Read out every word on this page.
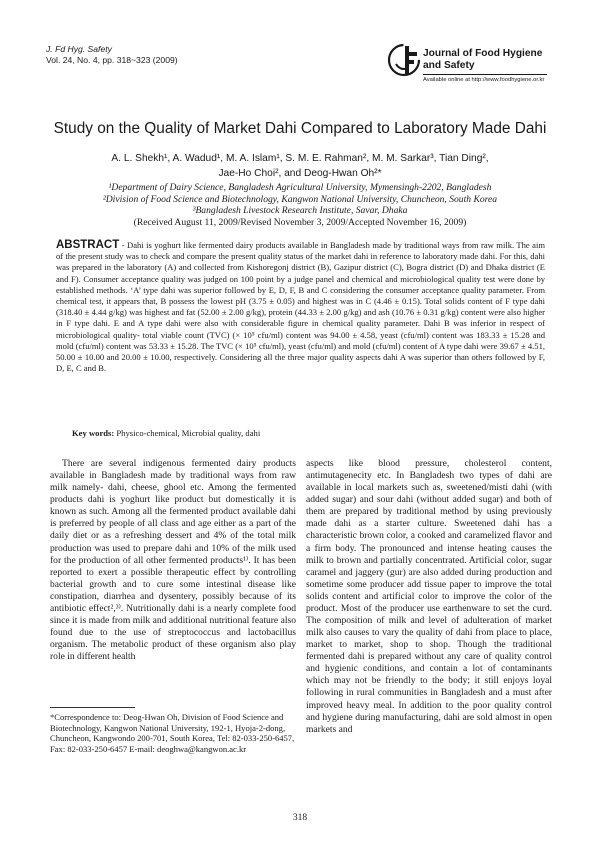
J. Fd Hyg. Safety
Vol. 24, No. 4, pp. 318~323 (2009)
Journal of Food Hygiene
and Safety
Available online at http://www.foodhygiene.or.kr
Study on the Quality of Market Dahi Compared to Laboratory Made Dahi
A. L. Shekh¹, A. Wadud¹, M. A. Islam¹, S. M. E. Rahman², M. M. Sarkar³, Tian Ding²,
Jae-Ho Choi², and Deog-Hwan Oh²*
¹Department of Dairy Science, Bangladesh Agricultural University, Mymensingh-2202, Bangladesh
²Division of Food Science and Biotechnology, Kangwon National University, Chuncheon, South Korea
³Bangladesh Livestock Research Institute, Savar, Dhaka
(Received August 11, 2009/Revised November 3, 2009/Accepted November 16, 2009)
ABSTRACT - Dahi is yoghurt like fermented dairy products available in Bangladesh made by traditional ways from raw milk. The aim of the present study was to check and compare the present quality status of the market dahi in reference to laboratory made dahi. For this, dahi was prepared in the laboratory (A) and collected from Kishoregonj district (B), Gazipur district (C), Bogra district (D) and Dhaka district (E and F). Consumer acceptance quality was judged on 100 point by a judge panel and chemical and microbiological quality test were done by established methods. ‘A’ type dahi was superior followed by E, D, F, B and C considering the consumer acceptance quality parameter. From chemical test, it appears that, B possess the lowest pH (3.75 ± 0.05) and highest was in C (4.46 ± 0.15). Total solids content of F type dahi (318.40 ± 4.44 g/kg) was highest and fat (52.00 ± 2.00 g/kg), protein (44.33 ± 2.00 g/kg) and ash (10.76 ± 0.31 g/kg) content were also higher in F type dahi. E and A type dahi were also with considerable figure in chemical quality parameter. Dahi B was inferior in respect of microbiological quality- total viable count (TVC) (× 10⁵ cfu/ml) content was 94.00 ± 4.58, yeast (cfu/ml) content was 183.33 ± 15.28 and mold (cfu/ml) content was 53.33 ± 15.28. The TVC (× 10⁵ cfu/ml), yeast (cfu/ml) and mold (cfu/ml) content of A type dahi were 39.67 ± 4.51, 50.00 ± 10.00 and 20.00 ± 10.00, respectively. Considering all the three major quality aspects dahi A was superior than others followed by F, D, E, C and B.
Key words: Physico-chemical, Microbial quality, dahi

There are several indigenous fermented dairy products available in Bangladesh made by traditional ways from raw milk namely- dahi, cheese, ghool etc. Among the fermented products dahi is yoghurt like product but domestically it is known as such. Among all the fermented product available dahi is preferred by people of all class and age either as a part of the daily diet or as a refreshing dessert and 4% of the total milk production was used to prepare dahi and 10% of the milk used for the production of all other fermented products¹⁾. It has been reported to exert a possible therapeutic effect by controlling bacterial growth and to cure some intestinal disease like constipation, diarrhea and dysentery, possibly because of its antibiotic effect²,³⁾. Nutritionally dahi is a nearly complete food since it is made from milk and additional nutritional feature also found due to the use of streptococcus and lactobacillus organism. The metabolic product of these organism also play role in different health

aspects like blood pressure, cholesterol content, antimutagenecity etc. In Bangladesh two types of dahi are available in local markets such as, sweetened/misti dahi (with added sugar) and sour dahi (without added sugar) and both of them are prepared by traditional method by using previously made dahi as a starter culture. Sweetened dahi has a characteristic brown color, a cooked and caramelized flavor and a firm body. The pronounced and intense heating causes the milk to brown and partially concentrated. Artificial color, sugar caramel and jaggery (gur) are also added during production and sometime some producer add tissue paper to improve the total solids content and artificial color to improve the color of the product. Most of the producer use earthenware to set the curd. The composition of milk and level of adulteration of market milk also causes to vary the quality of dahi from place to place, market to market, shop to shop. Though the traditional fermented dahi is prepared without any care of quality control and hygienic conditions, and contain a lot of contaminants which may not be friendly to the body; it still enjoys loyal following in rural communities in Bangladesh and a must after improved heavy meal. In addition to the poor quality control and hygiene during manufacturing, dahi are sold almost in open markets and

*Correspondence to: Deog-Hwan Oh, Division of Food Science and Biotechnology, Kangwon National University, 192-1, Hyoja-2-dong, Chuncheon, Kangwondo 200-701, South Korea, Tel: 82-033-250-6457, Fax: 82-033-250-6457 E-mail: deoghwa@kangwon.ac.kr
318
